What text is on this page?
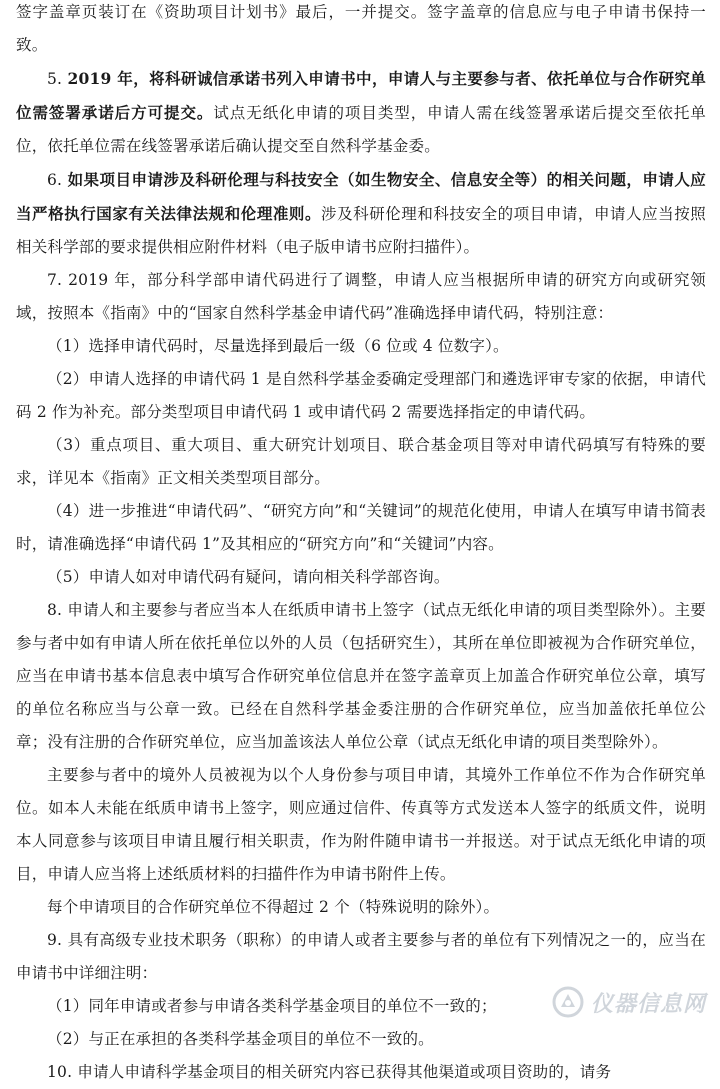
签字盖章页装订在《资助项目计划书》最后，一并提交。签字盖章的信息应与电子申请书保持一致。

5. 2019 年，将科研诚信承诺书列入申请书中，申请人与主要参与者、依托单位与合作研究单位需签署承诺后方可提交。试点无纸化申请的项目类型，申请人需在线签署承诺后提交至依托单位，依托单位需在线签署承诺后确认提交至自然科学基金委。

6. 如果项目申请涉及科研伦理与科技安全（如生物安全、信息安全等）的相关问题，申请人应当严格执行国家有关法律法规和伦理准则。涉及科研伦理和科技安全的项目申请，申请人应当按照相关科学部的要求提供相应附件材料（电子版申请书应附扫描件）。

7. 2019 年，部分科学部申请代码进行了调整，申请人应当根据所申请的研究方向或研究领域，按照本《指南》中的“国家自然科学基金申请代码”准确选择申请代码，特别注意：

（1）选择申请代码时，尽量选择到最后一级（6 位或 4 位数字）。

（2）申请人选择的申请代码 1 是自然科学基金委确定受理部门和遴选评审专家的依据，申请代码 2 作为补充。部分类型项目申请代码 1 或申请代码 2 需要选择指定的申请代码。

（3）重点项目、重大项目、重大研究计划项目、联合基金项目等对申请代码填写有特殊的要求，详见本《指南》正文相关类型项目部分。

（4）进一步推进“申请代码”、“研究方向”和“关键词”的规范化使用，申请人在填写申请书简表时，请准确选择“申请代码 1”及其相应的“研究方向”和“关键词”内容。

（5）申请人如对申请代码有疑问，请向相关科学部咨询。

8. 申请人和主要参与者应当本人在纸质申请书上签字（试点无纸化申请的项目类型除外）。主要参与者中如有申请人所在依托单位以外的人员（包括研究生），其所在单位即被视为合作研究单位，应当在申请书基本信息表中填写合作研究单位信息并在签字盖章页上加盖合作研究单位公章，填写的单位名称应当与公章一致。已经在自然科学基金委注册的合作研究单位，应当加盖依托单位公章；没有注册的合作研究单位，应当加盖该法人单位公章（试点无纸化申请的项目类型除外）。

主要参与者中的境外人员被视为以个人身份参与项目申请，其境外工作单位不作为合作研究单位。如本人未能在纸质申请书上签字，则应通过信件、传真等方式发送本人签字的纸质文件，说明本人同意参与该项目申请且履行相关职责，作为附件随申请书一并报送。对于试点无纸化申请的项目，申请人应当将上述纸质材料的扫描件作为申请书附件上传。

每个申请项目的合作研究单位不得超过 2 个（特殊说明的除外）。

9. 具有高级专业技术职务（职称）的申请人或者主要参与者的单位有下列情况之一的，应当在申请书中详细注明：

（1）同年申请或者参与申请各类科学基金项目的单位不一致的；

（2）与正在承担的各类科学基金项目的单位不一致的。

10. 申请人申请科学基金项目的相关研究内容已获得其他渠道或项目资助的，请务

仪器信息网
